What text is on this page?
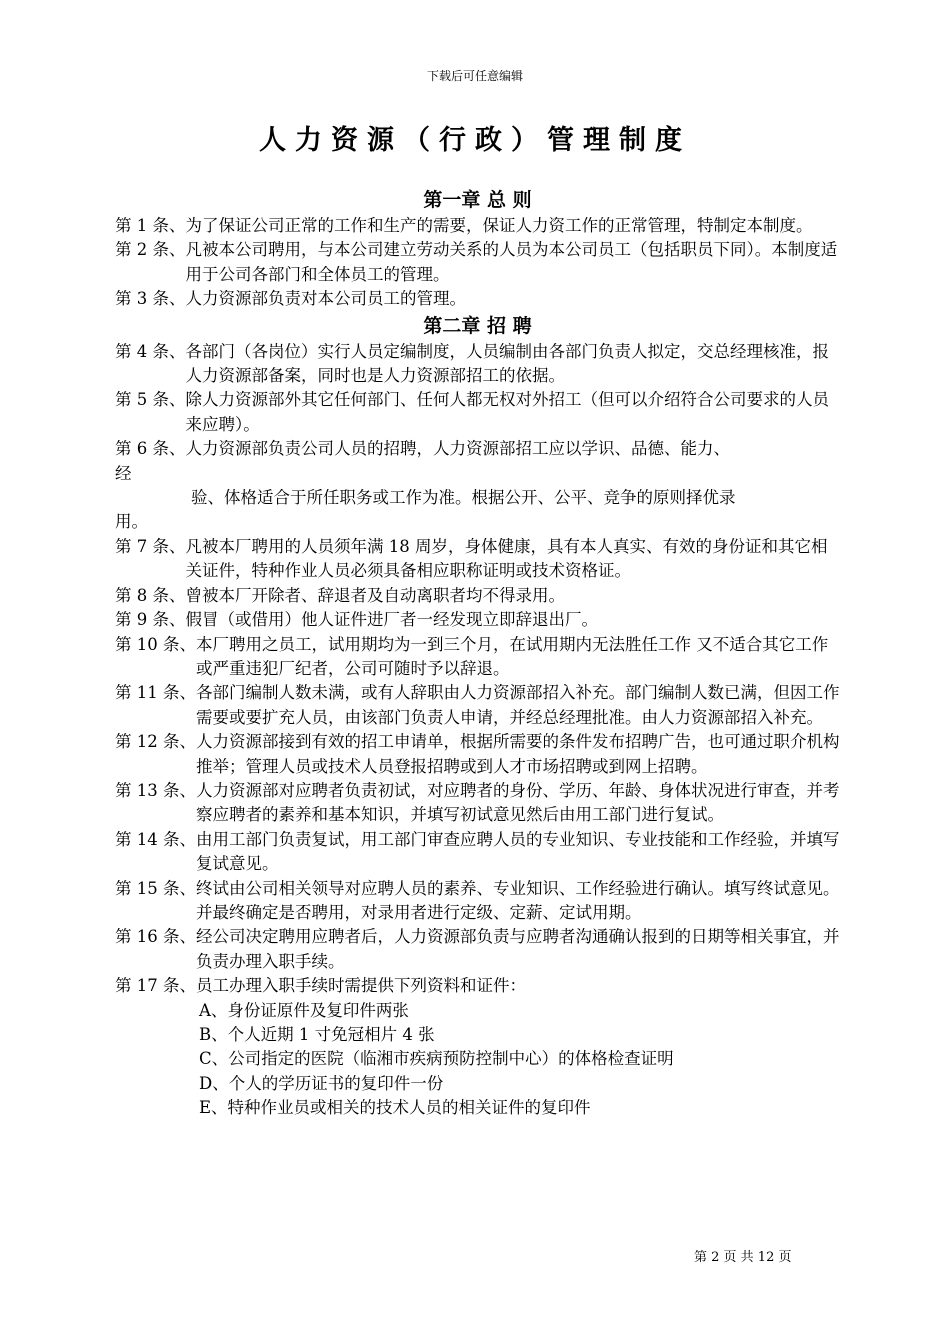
下载后可任意编辑
人力资源（行政）管理制度
第一章 总 则
第 1 条、 为了保证公司正常的工作和生产的需要，保证人力资工作的正常管理，特制定本制度。
第 2 条、 凡被本公司聘用，与本公司建立劳动关系的人员为本公司员工（包括职员下同）。本制度适用于公司各部门和全体员工的管理。
第 3 条、 人力资源部负责对本公司员工的管理。
第二章 招 聘
第 4 条、 各部门（各岗位）实行人员定编制度，人员编制由各部门负责人拟定，交总经理核准，报人力资源部备案，同时也是人力资源部招工的依据。
第 5 条、 除人力资源部外其它任何部门、任何人都无权对外招工（但可以介绍符合公司要求的人员来应聘）。
第 6 条、人力资源部负责公司人员的招聘，人力资源部招工应以学识、品德、能力、
经
验、体格适合于所任职务或工作为准。根据公开、公平、竞争的原则择优录
用。
第 7 条、 凡被本厂聘用的人员须年满 18 周岁，身体健康，具有本人真实、有效的身份证和其它相关证件，特种作业人员必须具备相应职称证明或技术资格证。
第 8 条、 曾被本厂开除者、辞退者及自动离职者均不得录用。
第 9 条、 假冒（或借用）他人证件进厂者一经发现立即辞退出厂。
第 10 条、 本厂聘用之员工，试用期均为一到三个月，在试用期内无法胜任工作 又不适合其它工作或严重违犯厂纪者，公司可随时予以辞退。
第 11 条、 各部门编制人数未满，或有人辞职由人力资源部招入补充。部门编制人数已满，但因工作需要或要扩充人员，由该部门负责人申请，并经总经理批准。由人力资源部招入补充。
第 12 条、 人力资源部接到有效的招工申请单，根据所需要的条件发布招聘广告，也可通过职介机构推举；管理人员或技术人员登报招聘或到人才市场招聘或到网上招聘。
第 13 条、 人力资源部对应聘者负责初试，对应聘者的身份、学历、年龄、身体状况进行审查，并考察应聘者的素养和基本知识，并填写初试意见然后由用工部门进行复试。
第 14 条、 由用工部门负责复试，用工部门审查应聘人员的专业知识、专业技能和工作经验，并填写复试意见。
第 15 条、 终试由公司相关领导对应聘人员的素养、专业知识、工作经验进行确认。填写终试意见。并最终确定是否聘用，对录用者进行定级、定薪、定试用期。
第 16 条、 经公司决定聘用应聘者后，人力资源部负责与应聘者沟通确认报到的日期等相关事宜，并负责办理入职手续。
第 17 条、 员工办理入职手续时需提供下列资料和证件：
A、身份证原件及复印件两张
B、个人近期 1 寸免冠相片 4 张
C、公司指定的医院（临湘市疾病预防控制中心）的体格检查证明
D、个人的学历证书的复印件一份
E、特种作业员或相关的技术人员的相关证件的复印件
第 2 页 共 12 页
